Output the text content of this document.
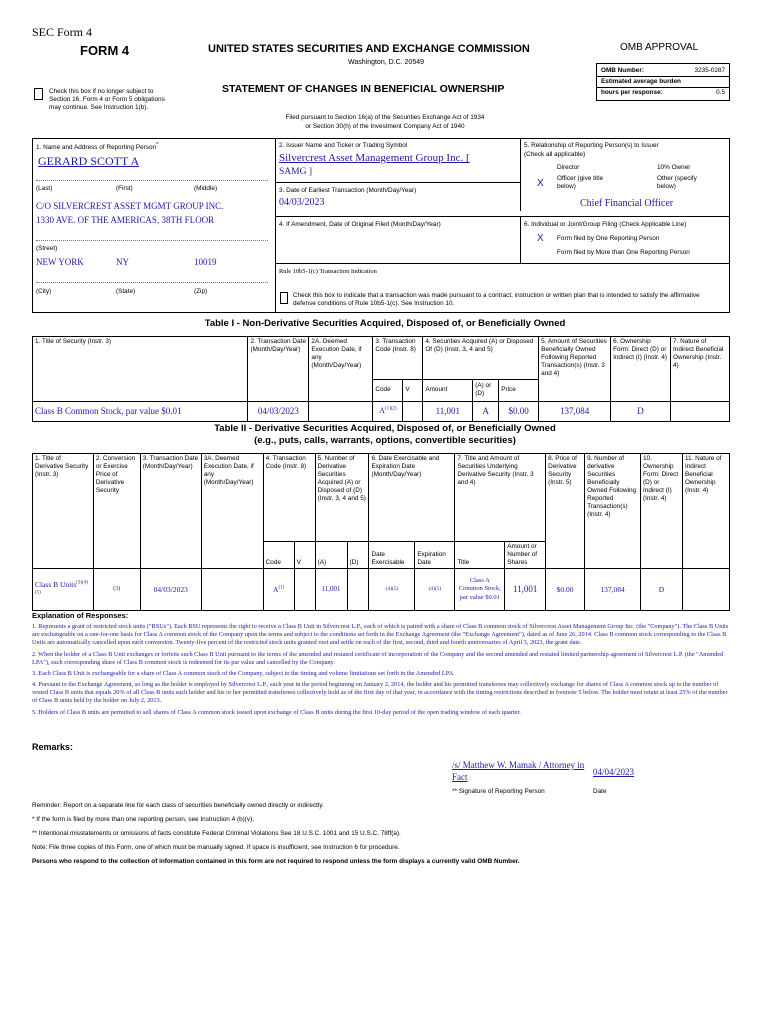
SEC Form 4
FORM 4	UNITED STATES SECURITIES AND EXCHANGE COMMISSION
Washington, D.C. 20549
OMB APPROVAL
OMB Number:	3235-0287
Estimated average burden
hours per response:	0.5
Check this box if no longer subject to Section 16. Form 4 or Form 5 obligations may continue. See Instruction 1(b).
STATEMENT OF CHANGES IN BENEFICIAL OWNERSHIP
Filed pursuant to Section 16(a) of the Securities Exchange Act of 1934
or Section 30(h) of the Investment Company Act of 1940
1. Name and Address of Reporting Person*
GERARD SCOTT A
(Last)	(First)	(Middle)
C/O SILVERCREST ASSET MGMT GROUP INC.
1330 AVE. OF THE AMERICAS, 38TH FLOOR
(Street)
NEW YORK	NY	10019
(City)	(State)	(Zip)
2. Issuer Name and Ticker or Trading Symbol
Silvercrest Asset Management Group Inc. [
SAMG ]
3. Date of Earliest Transaction (Month/Day/Year)
04/03/2023
4. If Amendment, Date of Original Filed (Month/Day/Year)
Rule 10b5-1(c) Transaction Indication
Check this box to indicate that a transaction was made pursuant to a contract, instruction or written plan that is intended to satisfy the affirmative defense conditions of Rule 10b5-1(c). See Instruction 10.
5. Relationship of Reporting Person(s) to Issuer
(Check all applicable)
Director	10% Owner
X Officer (give title
below)
Other (specify
below)
Chief Financial Officer
6. Individual or Joint/Group Filing (Check Applicable Line)
X Form filed by One Reporting Person
Form filed by More than One Reporting Person
Table I - Non-Derivative Securities Acquired, Disposed of, or Beneficially Owned
1. Title of Security (Instr. 3)	2. Transaction Date (Month/Day/Year)	2A. Deemed Execution Date, if any (Month/Day/Year)	3. Transaction Code (Instr. 8)		4. Securities Acquired (A) or Disposed Of (D) (Instr. 3, 4 and 5)			5. Amount of Securities Beneficially Owned Following Reported Transaction(s) (Instr. 3 and 4)	6. Ownership Form: Direct (D) or Indirect (I) (Instr. 4)	7. Nature of Indirect Beneficial Ownership (Instr. 4)
			Code	V	Amount	(A) or (D)	Price			
Class B Common Stock, par value $0.01	04/03/2023		$A^{(1)(2)}$		11,001	A	$0.00	137,084	D	
Table II - Derivative Securities Acquired, Disposed of, or Beneficially Owned
(e.g., puts, calls, warrants, options, convertible securities)
1. Title of Derivative Security (Instr. 3)	2. Conversion or Exercise Price of Derivative Security	3. Transaction Date (Month/Day/Year)	3A. Deemed Execution Date, if any (Month/Day/Year)	4. Transaction Code (Instr. 8)		5. Number of Derivative Securities Acquired (A) or Disposed of (D) (Instr. 3, 4 and 5)		6. Date Exercisable and Expiration Date (Month/Day/Year)		7. Title and Amount of Securities Underlying Derivative Security (Instr. 3 and 4)		8. Price of Derivative Security (Instr. 5)	9. Number of derivative Securities Beneficially Owned Following Reported Transaction(s) (Instr. 4)	10. Ownership Form: Direct (D) or Indirect (I) (Instr. 4)	11. Nature of Indirect Beneficial Ownership (Instr. 4)
				Code	V	(A)	(D)	Date Exercisable	Expiration Date	Title	Amount or Number of Shares				
Class B Units$^{(3)(4)(5)}$	(3)	04/03/2023		$A^{(1)}$		11,001		(4)(5)	(4)(5)	Class A Common Stock, par value $0.01	11,001	$0.00	137,084	D	
Explanation of Responses:

1. Represents a grant of restricted stock units ("RSUs"). Each RSU represents the right to receive a Class B Unit in Silvercrest L.P., each of which is paired with a share of Class B common stock of Silvercrest Asset Management Group Inc. (the "Company"). The Class B Units are exchangeable on a one-for-one basis for Class A common stock of the Company upon the terms and subject to the conditions set forth in the Exchange Agreement (the "Exchange Agreement"), dated as of June 26, 2014. Class B common stock corresponding to the Class B Units are automatically cancelled upon such conversion. Twenty-five percent of the restricted stock units granted vest and settle on each of the first, second, third and fourth anniversaries of April 3, 2023, the grant date.

2. When the holder of a Class B Unit exchanges or forfeits such Class B Unit pursuant to the terms of the amended and restated certificate of incorporation of the Company and the second amended and restated limited partnership agreement of Silvercrest L.P. (the "Amended LPA"), each corresponding share of Class B common stock is redeemed for its par value and cancelled by the Company.

3. Each Class B Unit is exchangeable for a share of Class A common stock of the Company, subject to the timing and volume limitations set forth in the Amended LPA.

4. Pursuant to the Exchange Agreement, so long as the holder is employed by Silvercrest L.P., each year in the period beginning on January 2, 2014, the holder and his permitted transferees may collectively exchange for shares of Class A common stock up to the number of vested Class B units that equals 20% of all Class B units such holder and his or her permitted transferees collectively hold as of the first day of that year, in accordance with the timing restrictions described in footnote 5 below. The holder must retain at least 25% of the number of Class B units held by the holder on July 2, 2013.

5. Holders of Class B units are permitted to sell shares of Class A common stock issued upon exchange of Class B units during the first 10-day period of the open trading window of each quarter.

Remarks:
/s/ Matthew W. Mamak / Attorney in Fact	04/04/2023
** Signature of Reporting Person	Date
Reminder: Report on a separate line for each class of securities beneficially owned directly or indirectly.
* If the form is filed by more than one reporting person, see Instruction 4 (b)(v).
** Intentional misstatements or omissions of facts constitute Federal Criminal Violations See 18 U.S.C. 1001 and 15 U.S.C. 78ff(a).
Note: File three copies of this Form, one of which must be manually signed. If space is insufficient, see Instruction 6 for procedure.
Persons who respond to the collection of information contained in this form are not required to respond unless the form displays a currently valid OMB Number.
